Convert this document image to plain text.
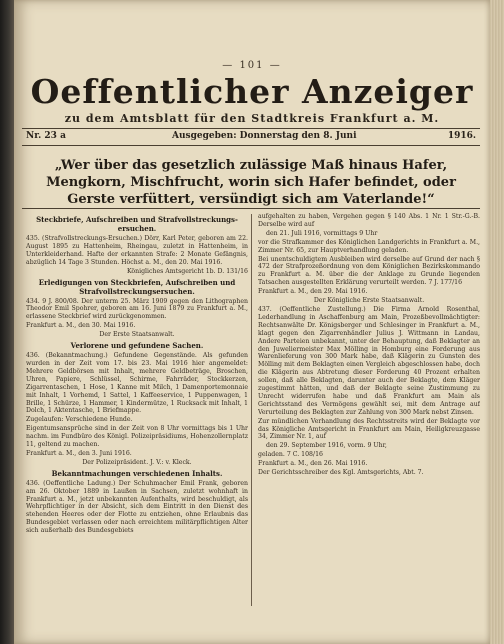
— 101 —
Oeffentlicher Anzeiger
zu dem Amtsblatt für den Stadtkreis Frankfurt a. M.
Nr. 23 a	Ausgegeben: Donnerstag den 8. Juni	1916.
„Wer über das gesetzlich zulässige Maß hinaus Hafer, Mengkorn, Mischfrucht, worin sich Hafer befindet, oder Gerste verfüttert, versündigt sich am Vaterlande!“

Steckbriefe, Aufschreiben und Strafvollstreckungs-ersuchen.

435. (Strafvollstreckungs-Ersuchen.) Dörr, Karl Peter, geboren am 22. August 1895 zu Hattenheim, Rheingau, zuletzt in Hattenheim, in Unterkleiderhand. Hafte der erkannten Strafe: 2 Monate Gefängnis, abzüglich 14 Tage 3 Stunden. Höchst a. M., den 20. Mai 1916.

Königliches Amtsgericht 1b. D. 131/16

Erledigungen von Steckbriefen, Aufschreiben und Strafvollstreckungsersuchen.

434. 9 J. 800/08. Der unterm 25. März 1909 gegen den Lithographen Theodor Emil Spohrer, geboren am 16. Juni 1879 zu Frankfurt a. M., erlassene Steckbrief wird zurückgenommen.

Frankfurt a. M., den 30. Mai 1916.

Der Erste Staatsanwalt.

Verlorene und gefundene Sachen.

436. (Bekanntmachung.) Gefundene Gegenstände. Als gefunden wurden in der Zeit vom 17. bis 23. Mai 1916 hier angemeldet: Mehrere Geldbörsen mit Inhalt, mehrere Geldbeträge, Broschen, Uhren, Papiere, Schlüssel, Schirme, Fahrräder, Stockkerzen, Zigarrentaschen, 1 Hose, 1 Kanne mit Milch, 1 Damenportemonnaie mit Inhalt, 1 Vorhemd, 1 Sattel, 1 Kaffeeservice, 1 Puppenwagen, 1 Brille, 1 Schürze, 1 Hammer, 1 Kindermütze, 1 Rucksack mit Inhalt, 1 Dolch, 1 Aktentasche, 1 Briefmappe.

Zugelaufen: Verschiedene Hunde.

Eigentumsansprüche sind in der Zeit von 8 Uhr vormittags bis 1 Uhr nachm. im Fundbüro des Königl. Polizeipräsidiums, Hohenzollernplatz 11, geltend zu machen.

Frankfurt a. M., den 3. Juni 1916.

Der Polizeipräsident. J. V.: v. Kleck.

Bekanntmachungen verschiedenen Inhalts.

436. (Oeffentliche Ladung.) Der Schuhmacher Emil Frank, geboren am 26. Oktober 1889 in Laußen in Sachsen, zuletzt wohnhaft in Frankfurt a. M., jetzt unbekannten Aufenthalts, wird beschuldigt, als Wehrpflichtiger in der Absicht, sich dem Eintritt in den Dienst des stehenden Heeres oder der Flotte zu entziehen, ohne Erlaubnis das Bundesgebiet verlassen oder nach erreichtem militärpflichtigen Alter sich außerhalb des Bundesgebiets

aufgehalten zu haben, Vergehen gegen § 140 Abs. 1 Nr. 1 Str.-G.-B. Derselbe wird auf

den 21. Juli 1916, vormittags 9 Uhr

vor die Strafkammer des Königlichen Landgerichts in Frankfurt a. M., Zimmer Nr. 65, zur Hauptverhandlung geladen.

Bei unentschuldigtem Ausbleiben wird derselbe auf Grund der nach § 472 der Strafprozeßordnung von dem Königlichen Bezirkskommando zu Frankfurt a. M. über die der Anklage zu Grunde liegenden Tatsachen ausgestellten Erklärung verurteilt werden. 7 J. 177/16

Frankfurt a. M., den 29. Mai 1916.

Der Königliche Erste Staatsanwalt.

437. (Oeffentliche Zustellung.) Die Firma Arnold Rosenthal, Lederhandlung in Aschaffenburg am Main, Prozeßbevollmächtigter: Rechtsanwälte Dr. Königsberger und Schlesinger in Frankfurt a. M., klagt gegen den Zigarrenhändler Julius J. Wittmann in Landau, Andere Parteien unbekannt, unter der Behauptung, daß Beklagter an den Juweliermeister Max Mölling in Homburg eine Forderung aus Warenlieferung von 300 Mark habe, daß Klägerin zu Gunsten des Mölling mit dem Beklagten einen Vergleich abgeschlossen habe, doch die Klägerin aus Abtretung dieser Forderung 40 Prozent erhalten sollen, daß alle Beklagten, darunter auch der Beklagte, dem Kläger zugestimmt hätten, und daß der Beklagte seine Zustimmung zu Unrecht widerrufen habe und daß Frankfurt am Main als Gerichtsstand des Vermögens gewählt sei, mit dem Antrage auf Verurteilung des Beklagten zur Zahlung von 300 Mark nebst Zinsen.

Zur mündlichen Verhandlung des Rechtsstreits wird der Beklagte vor das Königliche Amtsgericht in Frankfurt am Main, Heiligkreuzgasse 34, Zimmer Nr. 1, auf

den 29. September 1916, vorm. 9 Uhr,

geladen. 7 C. 108/16

Frankfurt a. M., den 26. Mai 1916.

Der Gerichtsschreiber des Kgl. Amtsgerichts, Abt. 7.
